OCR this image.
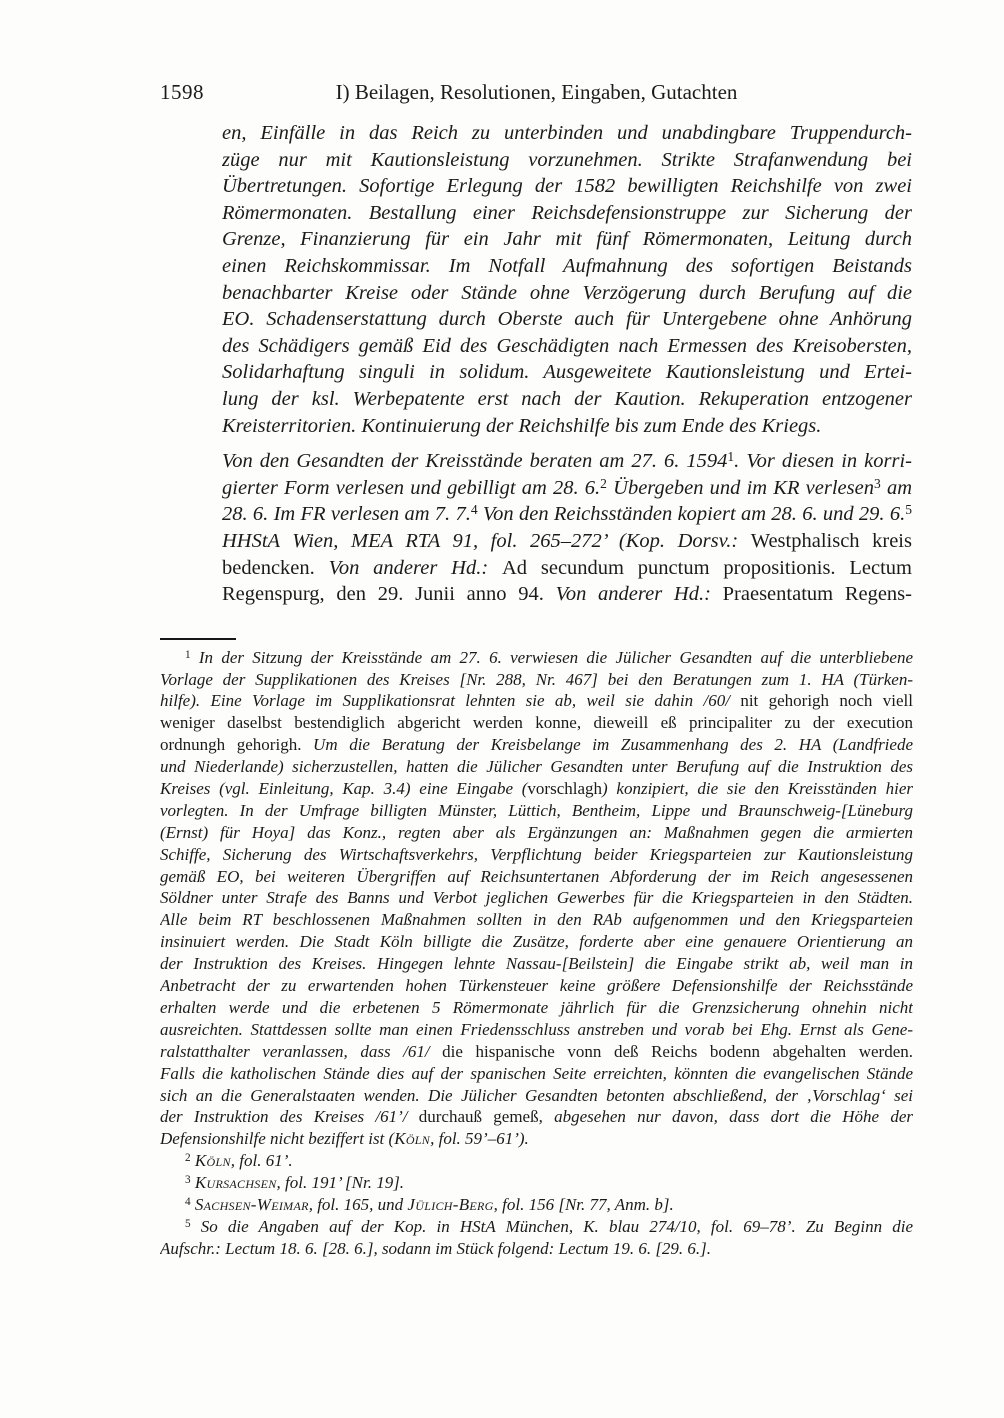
1598	I) Beilagen, Resolutionen, Eingaben, Gutachten
en, Einfälle in das Reich zu unterbinden und unabdingbare Truppendurch-
züge nur mit Kautionsleistung vorzunehmen. Strikte Strafanwendung bei
Übertretungen. Sofortige Erlegung der 1582 bewilligten Reichshilfe von zwei
Römermonaten. Bestallung einer Reichsdefensionstruppe zur Sicherung der
Grenze, Finanzierung für ein Jahr mit fünf Römermonaten, Leitung durch
einen Reichskommissar. Im Notfall Aufmahnung des sofortigen Beistands
benachbarter Kreise oder Stände ohne Verzögerung durch Berufung auf die
EO. Schadenserstattung durch Oberste auch für Untergebene ohne Anhörung
des Schädigers gemäß Eid des Geschädigten nach Ermessen des Kreisobersten,
Solidarhaftung singuli in solidum. Ausgeweitete Kautionsleistung und Ertei-
lung der ksl. Werbepatente erst nach der Kaution. Rekuperation entzogener
Kreisterritorien. Kontinuierung der Reichshilfe bis zum Ende des Kriegs.
Von den Gesandten der Kreisstände beraten am 27. 6. 1594$^1$. Vor diesen in korri-
gierter Form verlesen und gebilligt am 28. 6.$^2$ Übergeben und im KR verlesen$^3$ am
28. 6. Im FR verlesen am 7. 7.$^4$ Von den Reichsständen kopiert am 28. 6. und 29. 6.$^5$
HHStA Wien, MEA RTA 91, fol. 265–272’ (Kop. Dorsv.: Westphalisch kreis
bedencken. Von anderer Hd.: Ad secundum punctum propositionis. Lectum
Regenspurg, den 29. Junii anno 94. Von anderer Hd.: Praesentatum Regens-
$^1$ In der Sitzung der Kreisstände am 27. 6. verwiesen die Jülicher Gesandten auf die unterbliebene
Vorlage der Supplikationen des Kreises [Nr. 288, Nr. 467] bei den Beratungen zum 1. HA (Türken-
hilfe). Eine Vorlage im Supplikationsrat lehnten sie ab, weil sie dahin /60/ nit gehorigh noch viell
weniger daselbst bestendiglich abgericht werden konne, dieweill eß principaliter zu der execution
ordnungh gehorigh. Um die Beratung der Kreisbelange im Zusammenhang des 2. HA (Landfriede
und Niederlande) sicherzustellen, hatten die Jülicher Gesandten unter Berufung auf die Instruktion des
Kreises (vgl. Einleitung, Kap. 3.4) eine Eingabe (vorschlagh) konzipiert, die sie den Kreisständen hier
vorlegten. In der Umfrage billigten Münster, Lüttich, Bentheim, Lippe und Braunschweig-[Lüneburg
(Ernst) für Hoya] das Konz., regten aber als Ergänzungen an: Maßnahmen gegen die armierten
Schiffe, Sicherung des Wirtschaftsverkehrs, Verpflichtung beider Kriegsparteien zur Kautionsleistung
gemäß EO, bei weiteren Übergriffen auf Reichsuntertanen Abforderung der im Reich angesessenen
Söldner unter Strafe des Banns und Verbot jeglichen Gewerbes für die Kriegsparteien in den Städten.
Alle beim RT beschlossenen Maßnahmen sollten in den RAb aufgenommen und den Kriegsparteien
insinuiert werden. Die Stadt Köln billigte die Zusätze, forderte aber eine genauere Orientierung an
der Instruktion des Kreises. Hingegen lehnte Nassau-[Beilstein] die Eingabe strikt ab, weil man in
Anbetracht der zu erwartenden hohen Türkensteuer keine größere Defensionshilfe der Reichsstände
erhalten werde und die erbetenen 5 Römermonate jährlich für die Grenzsicherung ohnehin nicht
ausreichten. Stattdessen sollte man einen Friedensschluss anstreben und vorab bei Ehg. Ernst als Gene-
ralstatthalter veranlassen, dass /61/ die hispanische vonn deß Reichs bodenn abgehalten werden.
Falls die katholischen Stände dies auf der spanischen Seite erreichten, könnten die evangelischen Stände
sich an die Generalstaaten wenden. Die Jülicher Gesandten betonten abschließend, der ‚Vorschlag‘ sei
der Instruktion des Kreises /61’/ durchauß gemeß, abgesehen nur davon, dass dort die Höhe der
Defensionshilfe nicht beziffert ist (Köln, fol. 59’–61’).
$^2$ Köln, fol. 61’.
$^3$ Kursachsen, fol. 191’ [Nr. 19].
$^4$ Sachsen-Weimar, fol. 165, und Jülich-Berg, fol. 156 [Nr. 77, Anm. b].
$^5$ So die Angaben auf der Kop. in HStA München, K. blau 274/10, fol. 69–78’. Zu Beginn die
Aufschr.: Lectum 18. 6. [28. 6.], sodann im Stück folgend: Lectum 19. 6. [29. 6.].
